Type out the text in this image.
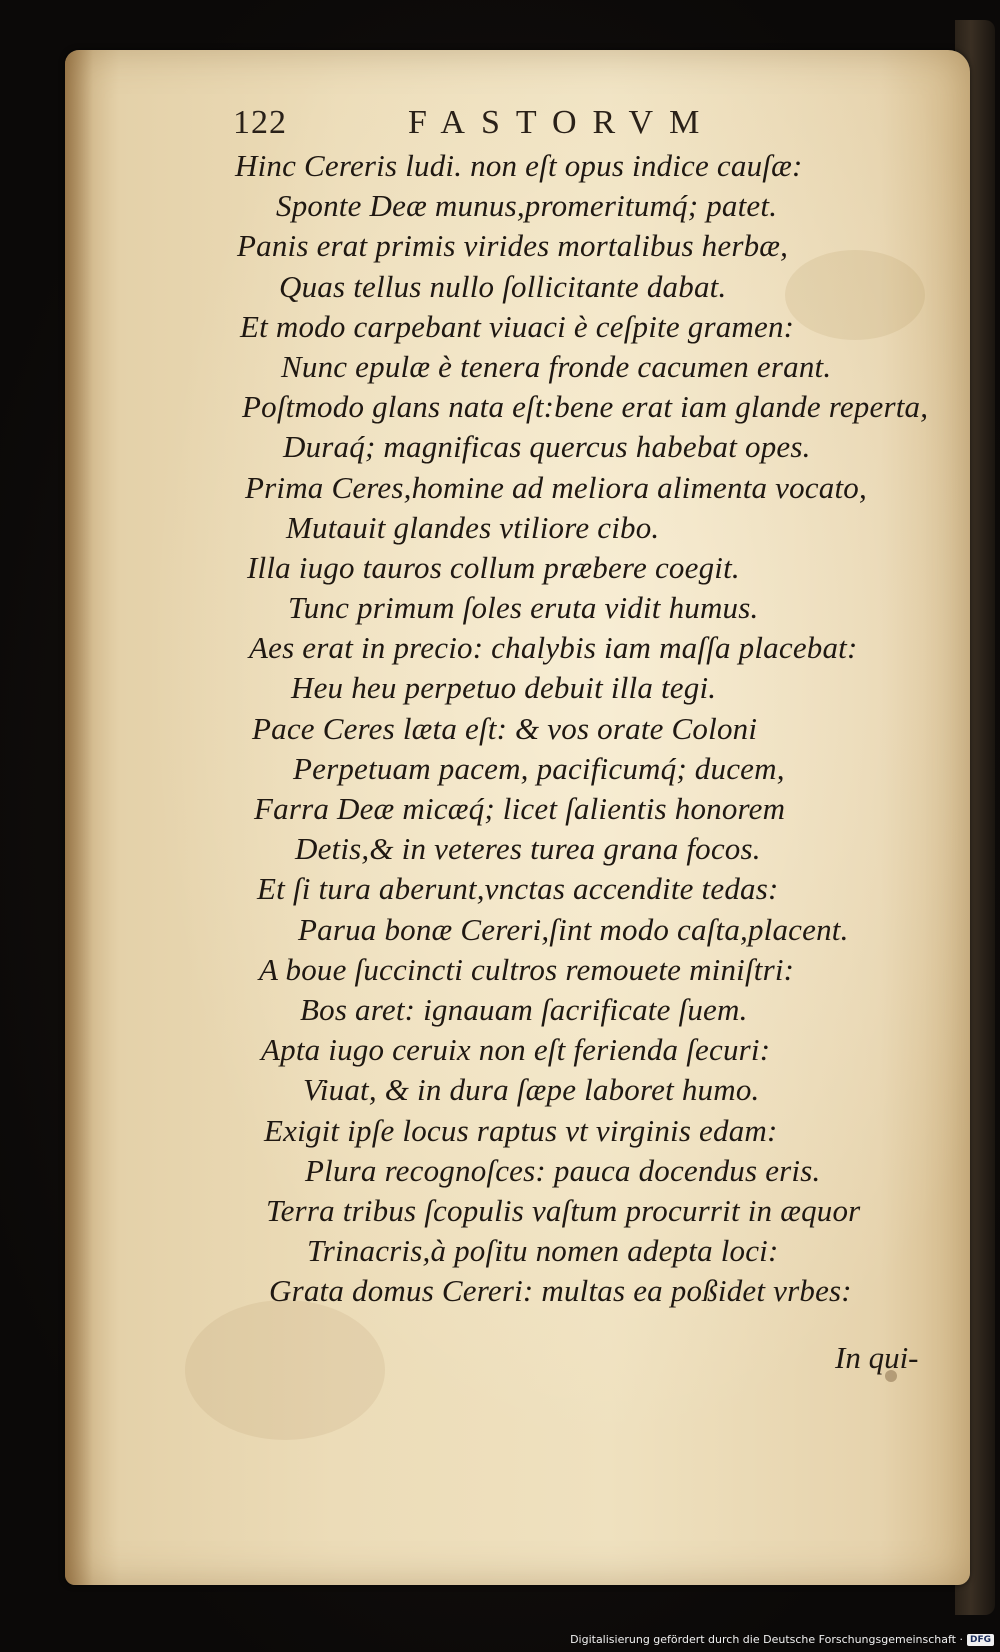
122	FASTORVM
Hinc Cereris ludi. non eſt opus indice cauſæ:
Sponte Deæ munus,promeritumq́; patet.
Panis erat primis virides mortalibus herbæ,
Quas tellus nullo ſollicitante dabat.
Et modo carpebant viuaci è ceſpite gramen:
Nunc epulæ è tenera fronde cacumen erant.
Poſtmodo glans nata eſt:bene erat iam glande reperta,
Duraq́; magnificas quercus habebat opes.
Prima Ceres,homine ad meliora alimenta vocato,
Mutauit glandes vtiliore cibo.
Illa iugo tauros collum præbere coegit.
Tunc primum ſoles eruta vidit humus.
Aes erat in precio: chalybis iam maſſa placebat:
Heu heu perpetuo debuit illa tegi.
Pace Ceres læta eſt: & vos orate Coloni
Perpetuam pacem, pacificumq́; ducem,
Farra Deæ micæq́; licet ſalientis honorem
Detis,& in veteres turea grana focos.
Et ſi tura aberunt,vnctas accendite tedas:
Parua bonæ Cereri,ſint modo caſta,placent.
A boue ſuccincti cultros remouete miniſtri:
Bos aret: ignauam ſacrificate ſuem.
Apta iugo ceruix non eſt ferienda ſecuri:
Viuat, & in dura ſæpe laboret humo.
Exigit ipſe locus raptus vt virginis edam:
Plura recognoſces: pauca docendus eris.
Terra tribus ſcopulis vaſtum procurrit in æquor
Trinacris,à poſitu nomen adepta loci:
Grata domus Cereri: multas ea poßidet vrbes:
In qui-
Digitalisierung gefördert durch die Deutsche Forschungsgemeinschaft · DFG
